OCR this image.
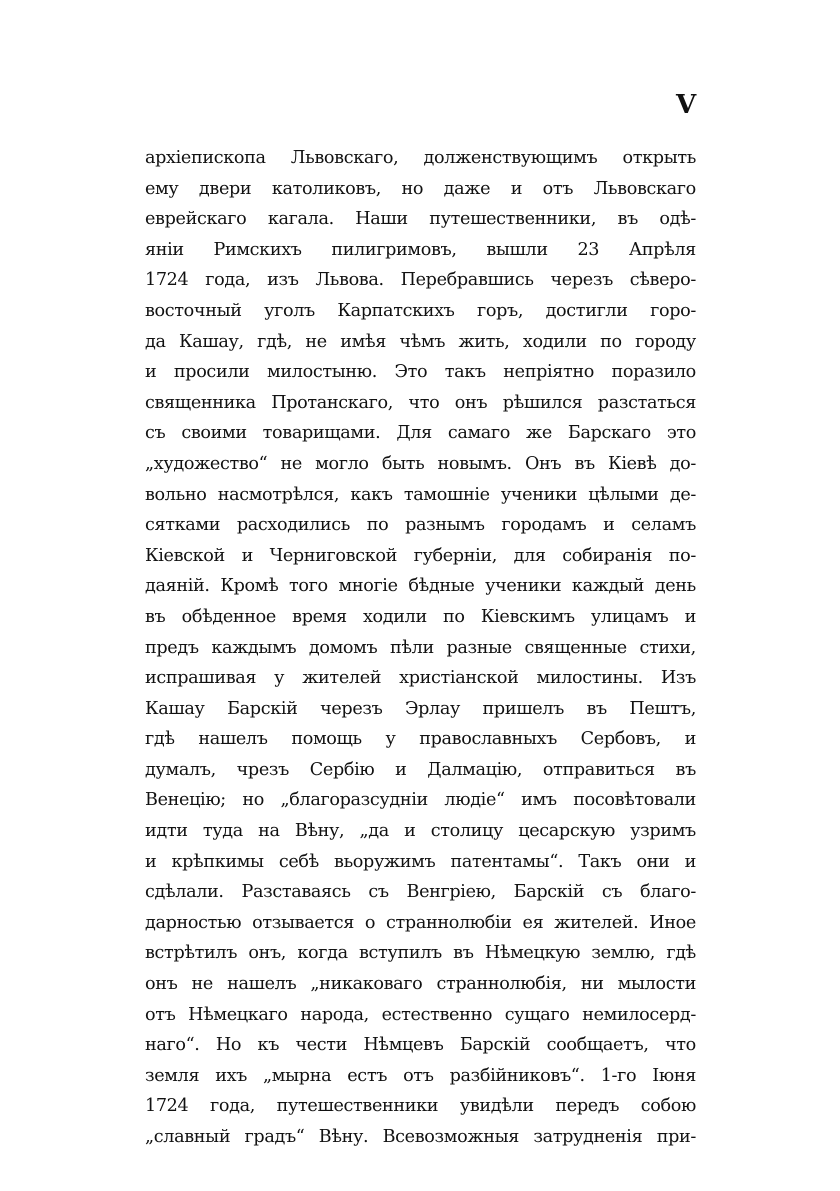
V
архіепископа Львовскаго, долженствующимъ открыть
ему двери католиковъ, но даже и отъ Львовскаго
еврейскаго кагала. Наши путешественники, въ одѣ-
яніи Римскихъ пилигримовъ, вышли 23 Апрѣля
1724 года, изъ Львова. Перебравшись черезъ сѣверо-
восточный уголъ Карпатскихъ горъ, достигли горо-
да Кашау, гдѣ, не имѣя чѣмъ жить, ходили по городу
и просили милостыню. Это такъ непріятно поразило
священника Протанскаго, что онъ рѣшился разстаться
съ своими товарищами. Для самаго же Барскаго это
„художество“ не могло быть новымъ. Онъ въ Кіевѣ до-
вольно насмотрѣлся, какъ тамошніе ученики цѣлыми де-
сятками расходились по разнымъ городамъ и селамъ
Кіевской и Черниговской губерніи, для собиранія по-
даяній. Кромѣ того многіе бѣдные ученики каждый день
въ обѣденное время ходили по Кіевскимъ улицамъ и
предъ каждымъ домомъ пѣли разные священные стихи,
испрашивая у жителей христіанской милостины. Изъ
Кашау Барскій черезъ Эрлау пришелъ въ Пештъ,
гдѣ нашелъ помощь у православныхъ Сербовъ, и
думалъ, чрезъ Сербію и Далмацію, отправиться въ
Венецію; но „благоразсудніи людіе“ имъ посовѣтовали
идти туда на Вѣну, „да и столицу цесарскую узримъ
и крѣпкимы себѣ вьоружимъ патентамы“. Такъ они и
сдѣлали. Разставаясь съ Венгріею, Барскій съ благо-
дарностью отзывается о страннолюбіи ея жителей. Иное
встрѣтилъ онъ, когда вступилъ въ Нѣмецкую землю, гдѣ
онъ не нашелъ „никаковаго страннолюбія, ни мылости
отъ Нѣмецкаго народа, естественно сущаго немилосерд-
наго“. Но къ чести Нѣмцевъ Барскій сообщаетъ, что
земля ихъ „мырна естъ отъ разбійниковъ“. 1-го Іюня
1724 года, путешественники увидѣли передъ собою
„славный градъ“ Вѣну. Всевозможныя затрудненія при-
